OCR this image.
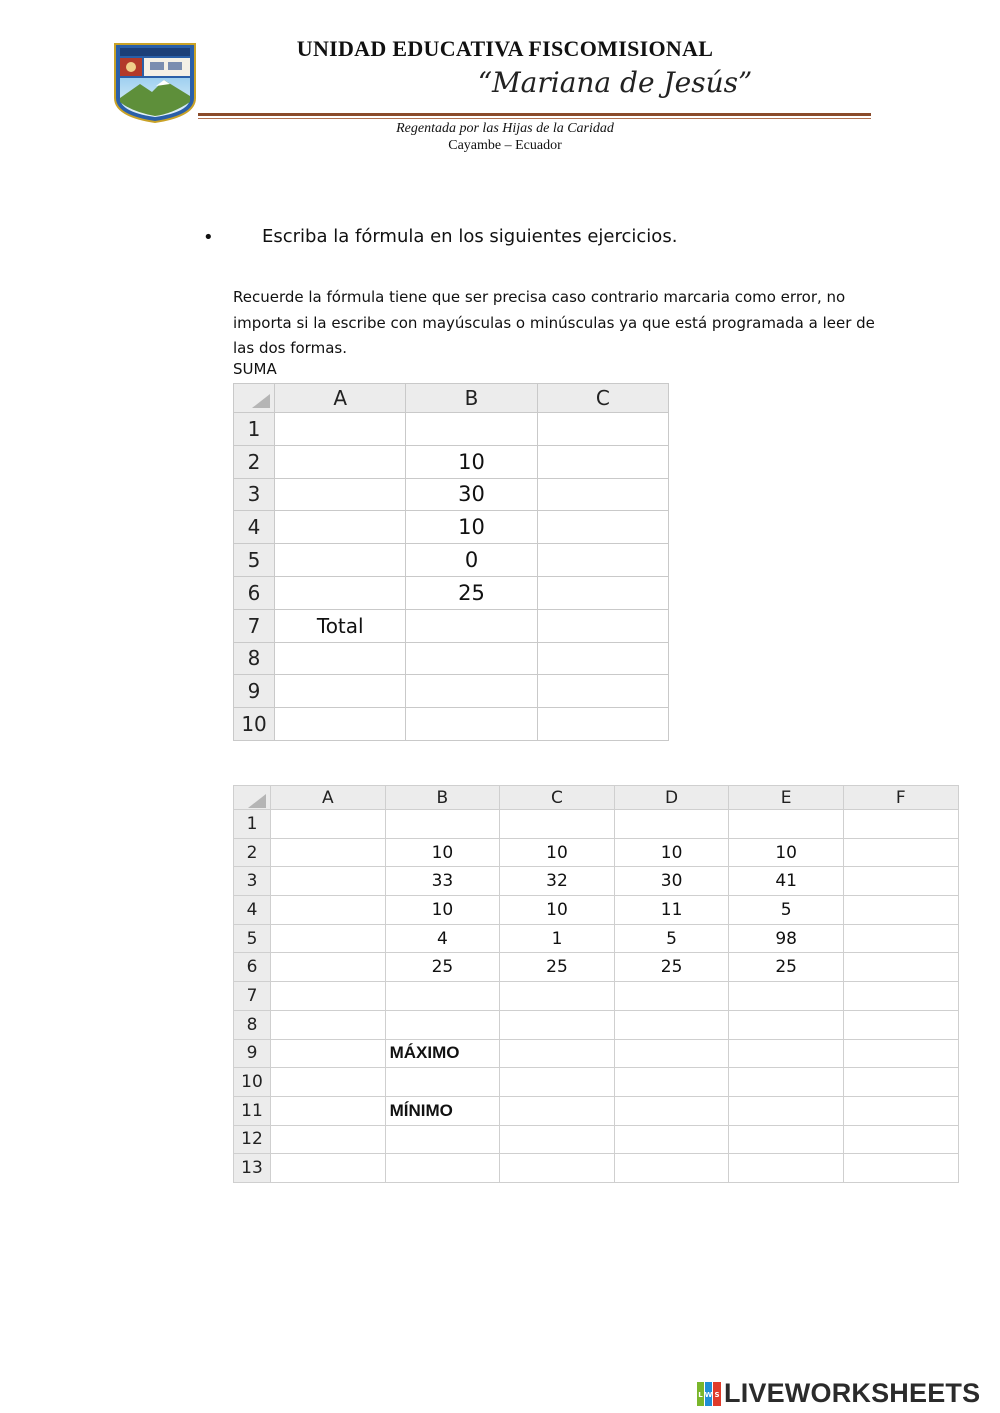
UNIDAD EDUCATIVA FISCOMISIONAL
“Mariana de Jesús”
Regentada por las Hijas de la Caridad
Cayambe – Ecuador
•	Escriba la fórmula en los siguientes ejercicios.
Recuerde la fórmula tiene que ser precisa caso contrario marcaria como error, no importa si la escribe con mayúsculas o minúsculas ya que está programada a leer de las dos formas.
SUMA
	A	B	C
1			
2		10	
3		30	
4		10	
5		0	
6		25	
7	Total		
8			
9			
10			
	A	B	C	D	E	F
1						
2		10	10	10	10	
3		33	32	30	41	
4		10	10	11	5	
5		4	1	5	98	
6		25	25	25	25	
7						
8						
9		MÁXIMO				
10						
11		MÍNIMO				
12						
13						
L W S LIVEWORKSHEETS
